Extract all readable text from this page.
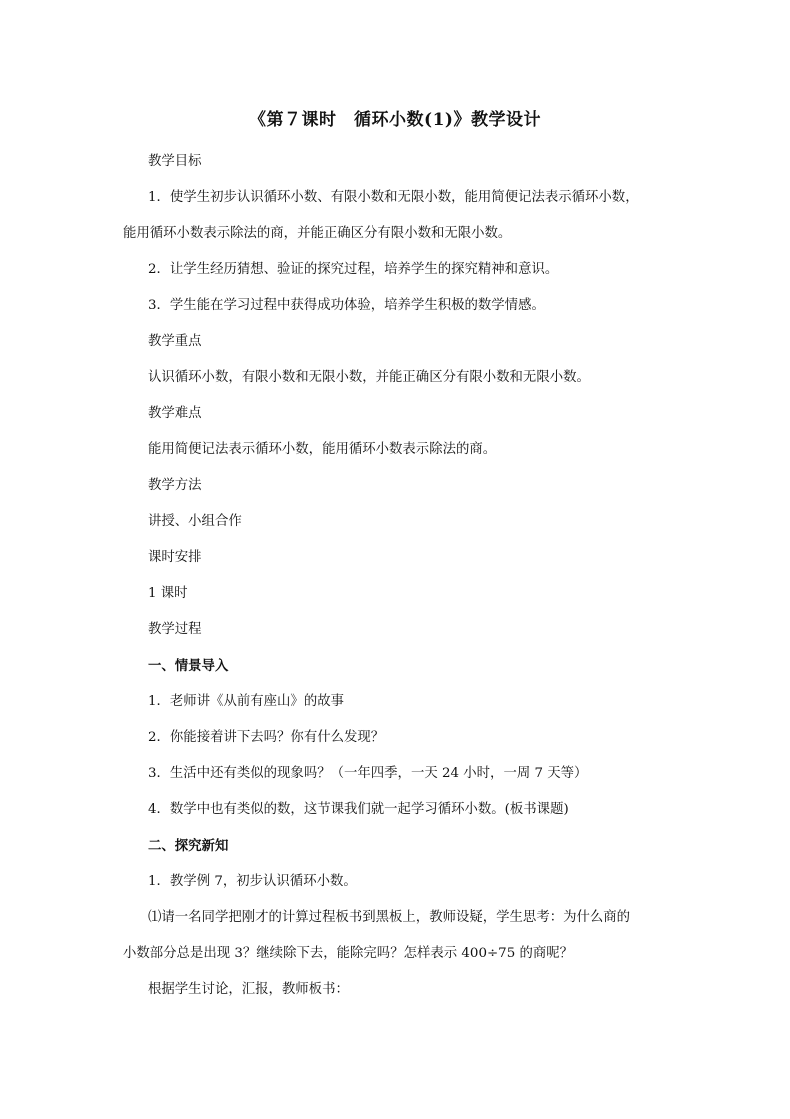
《第７课时　循环小数(1)》教学设计
教学目标
1．使学生初步认识循环小数、有限小数和无限小数，能用简便记法表示循环小数，
能用循环小数表示除法的商，并能正确区分有限小数和无限小数。
2．让学生经历猜想、验证的探究过程，培养学生的探究精神和意识。
3．学生能在学习过程中获得成功体验，培养学生积极的数学情感。
教学重点
认识循环小数，有限小数和无限小数，并能正确区分有限小数和无限小数。
教学难点
能用简便记法表示循环小数，能用循环小数表示除法的商。
教学方法
讲授、小组合作
课时安排
1 课时
教学过程
一、情景导入
1．老师讲《从前有座山》的故事
2．你能接着讲下去吗？你有什么发现？
3．生活中还有类似的现象吗？（一年四季，一天 24 小时，一周 7 天等）
4．数学中也有类似的数，这节课我们就一起学习循环小数。(板书课题)
二、探究新知
1．教学例 7，初步认识循环小数。
⑴请一名同学把刚才的计算过程板书到黑板上，教师设疑，学生思考：为什么商的
小数部分总是出现 3？继续除下去，能除完吗？怎样表示 400÷75 的商呢？
根据学生讨论，汇报，教师板书：
